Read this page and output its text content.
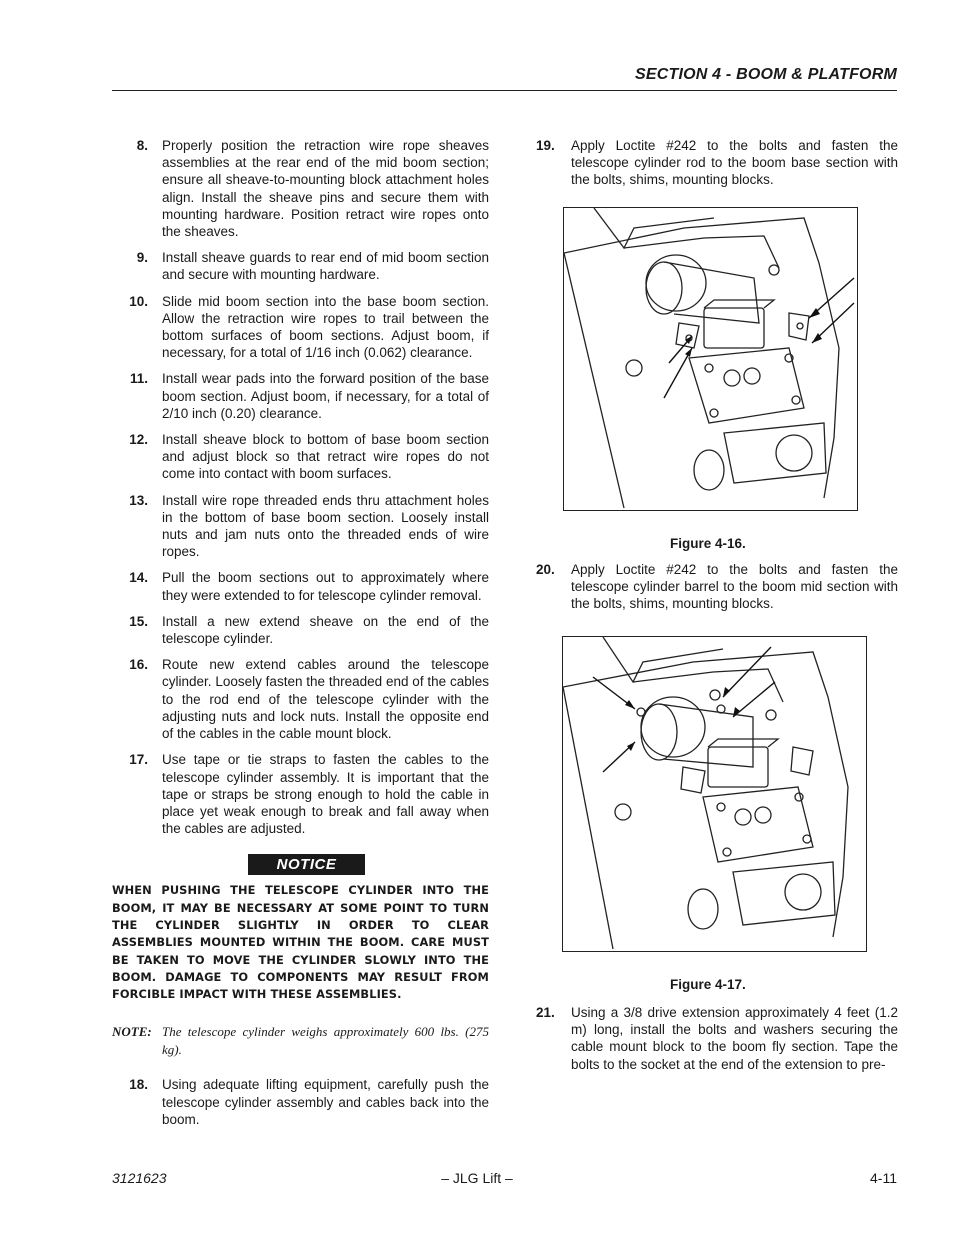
SECTION 4 - BOOM & PLATFORM
8.	Properly position the retraction wire rope sheaves assemblies at the rear end of the mid boom section; ensure all sheave-to-mounting block attachment holes align. Install the sheave pins and secure them with mounting hardware. Position retract wire ropes onto the sheaves.
9.	Install sheave guards to rear end of mid boom section and secure with mounting hardware.
10.	Slide mid boom section into the base boom section. Allow the retraction wire ropes to trail between the bottom surfaces of boom sections. Adjust boom, if necessary, for a total of 1/16 inch (0.062) clearance.
11.	Install wear pads into the forward position of the base boom section. Adjust boom, if necessary, for a total of 2/10 inch (0.20) clearance.
12.	Install sheave block to bottom of base boom section and adjust block so that retract wire ropes do not come into contact with boom surfaces.
13.	Install wire rope threaded ends thru attachment holes in the bottom of base boom section. Loosely install nuts and jam nuts onto the threaded ends of wire ropes.
14.	Pull the boom sections out to approximately where they were extended to for telescope cylinder removal.
15.	Install a new extend sheave on the end of the telescope cylinder.
16.	Route new extend cables around the telescope cylinder. Loosely fasten the threaded end of the cables to the rod end of the telescope cylinder with the adjusting nuts and lock nuts. Install the opposite end of the cables in the cable mount block.
17.	Use tape or tie straps to fasten the cables to the telescope cylinder assembly. It is important that the tape or straps be strong enough to hold the cable in place yet weak enough to break and fall away when the cables are adjusted.
NOTICE
WHEN PUSHING THE TELESCOPE CYLINDER INTO THE BOOM, IT MAY BE NECESSARY AT SOME POINT TO TURN THE CYLINDER SLIGHTLY IN ORDER TO CLEAR ASSEMBLIES MOUNTED WITHIN THE BOOM. CARE MUST BE TAKEN TO MOVE THE CYLINDER SLOWLY INTO THE BOOM. DAMAGE TO COMPONENTS MAY RESULT FROM FORCIBLE IMPACT WITH THESE ASSEMBLIES.
NOTE: The telescope cylinder weighs approximately 600 lbs. (275 kg).
18.	Using adequate lifting equipment, carefully push the telescope cylinder assembly and cables back into the boom.
19.	Apply Loctite #242 to the bolts and fasten the telescope cylinder rod to the boom base section with the bolts, shims, mounting blocks.
Figure 4-16.
20.	Apply Loctite #242 to the bolts and fasten the telescope cylinder barrel to the boom mid section with the bolts, shims, mounting blocks.
Figure 4-17.
21.	Using a 3/8 drive extension approximately 4 feet (1.2 m) long, install the bolts and washers securing the cable mount block to the boom fly section. Tape the bolts to the socket at the end of the extension to pre-
3121623	– JLG Lift –	4-11
